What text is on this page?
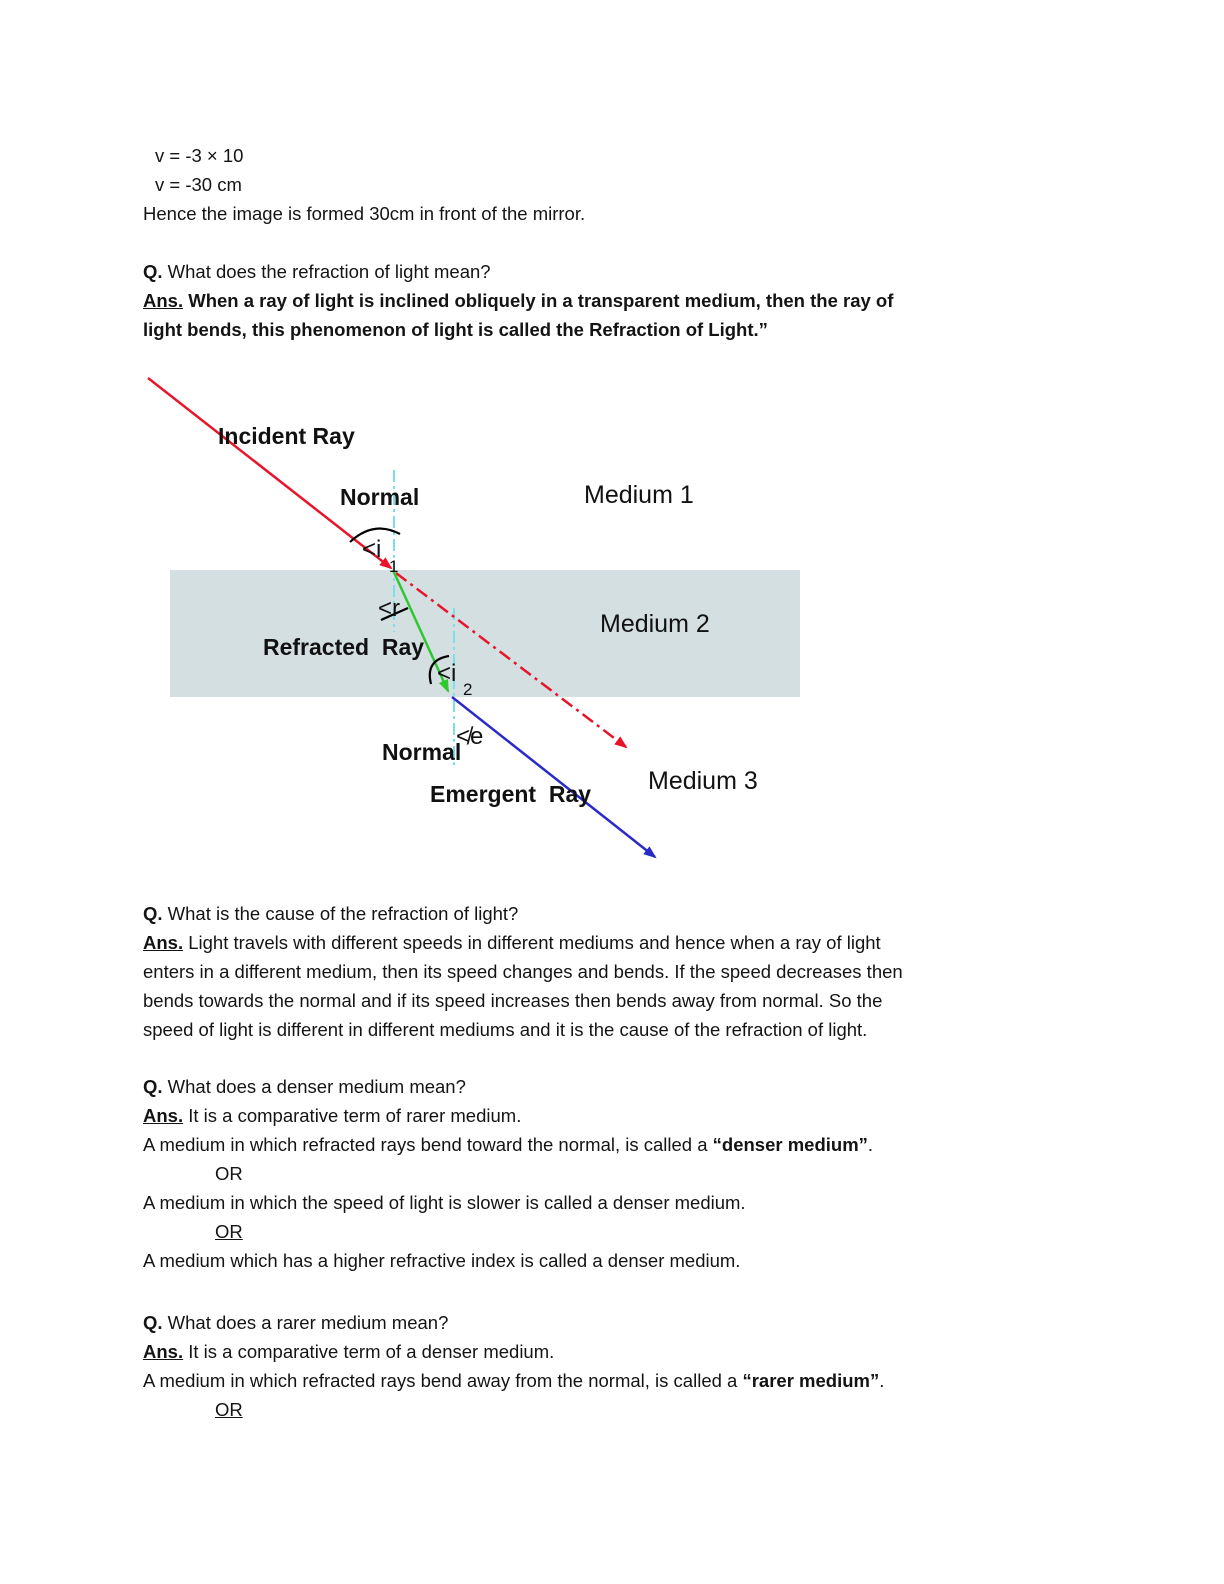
v = -3 × 10
v = -30 cm
Hence the image is formed 30cm in front of the mirror.
Q. What does the refraction of light mean?
Ans. When a ray of light is inclined obliquely in a transparent medium, then the ray of
light bends, this phenomenon of light is called the Refraction of Light.”
Incident Ray
Normal	Medium 1
<i
1
<r
Medium 2
Refracted  Ray
<i
2
≮e
Normal
Emergent  Ray Medium 3
Q. What is the cause of the refraction of light?
Ans. Light travels with different speeds in different mediums and hence when a ray of light
enters in a different medium, then its speed changes and bends. If the speed decreases then
bends towards the normal and if its speed increases then bends away from normal. So the
speed of light is different in different mediums and it is the cause of the refraction of light.
Q. What does a denser medium mean?
Ans. It is a comparative term of rarer medium.
A medium in which refracted rays bend toward the normal, is called a “denser medium”.
OR
A medium in which the speed of light is slower is called a denser medium.
OR
A medium which has a higher refractive index is called a denser medium.
Q. What does a rarer medium mean?
Ans. It is a comparative term of a denser medium.
A medium in which refracted rays bend away from the normal, is called a “rarer medium”.
OR
